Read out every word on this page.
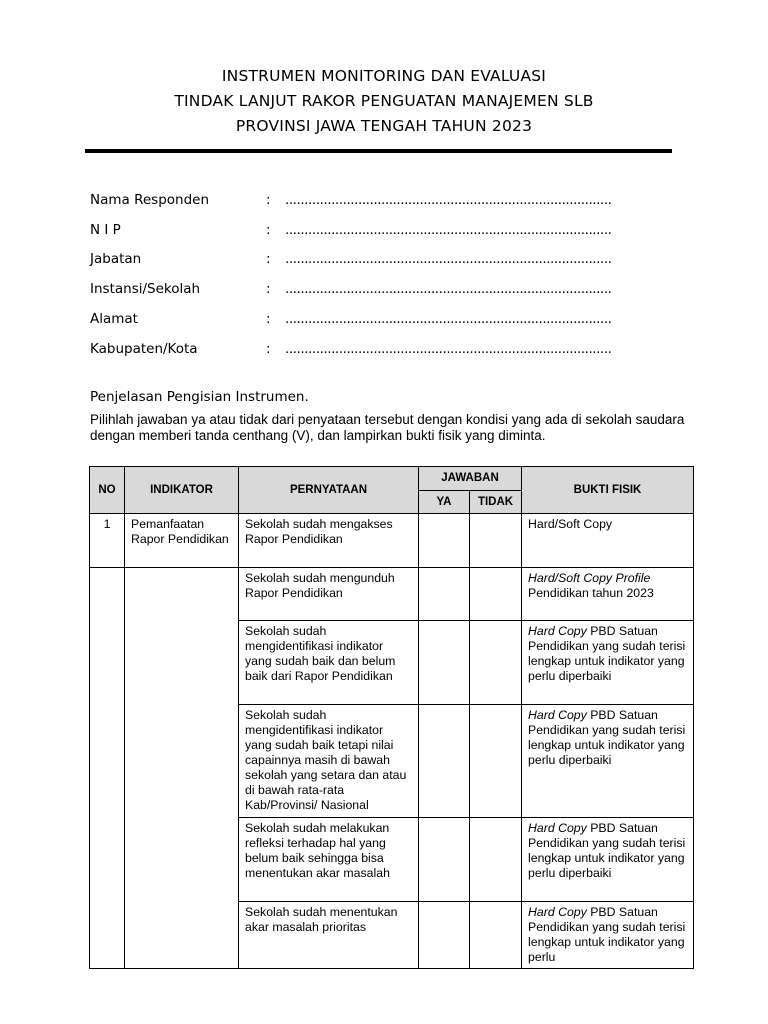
INSTRUMEN MONITORING DAN EVALUASI
TINDAK LANJUT RAKOR PENGUATAN MANAJEMEN SLB
PROVINSI JAWA TENGAH TAHUN 2023
Nama Responden	: .....................................................................................
N I P	: .....................................................................................
Jabatan	: .....................................................................................
Instansi/Sekolah	: .....................................................................................
Alamat	: .....................................................................................
Kabupaten/Kota	: .....................................................................................
Penjelasan Pengisian Instrumen.
Pilihlah jawaban ya atau tidak dari penyataan tersebut dengan kondisi yang ada di sekolah saudara dengan memberi tanda centhang (V), dan lampirkan bukti fisik yang diminta.
NO	INDIKATOR	PERNYATAAN	JAWABAN		BUKTI FISIK
			YA	TIDAK	
1	Pemanfaatan Rapor Pendidikan	Sekolah sudah mengakses Rapor Pendidikan			Hard/Soft Copy
		Sekolah sudah mengunduh Rapor Pendidikan			Hard/Soft Copy Profile Pendidikan tahun 2023
		Sekolah sudah mengidentifikasi indikator yang sudah baik dan belum baik dari Rapor Pendidikan			Hard Copy PBD Satuan Pendidikan yang sudah terisi lengkap untuk indikator yang perlu diperbaiki
		Sekolah sudah mengidentifikasi indikator yang sudah baik tetapi nilai capainnya masih di bawah sekolah yang setara dan atau di bawah rata-rata Kab/Provinsi/ Nasional			Hard Copy PBD Satuan Pendidikan yang sudah terisi lengkap untuk indikator yang perlu diperbaiki
		Sekolah sudah melakukan refleksi terhadap hal yang belum baik sehingga bisa menentukan akar masalah			Hard Copy PBD Satuan Pendidikan yang sudah terisi lengkap untuk indikator yang perlu diperbaiki
		Sekolah sudah menentukan akar masalah prioritas			Hard Copy PBD Satuan Pendidikan yang sudah terisi lengkap untuk indikator yang perlu
